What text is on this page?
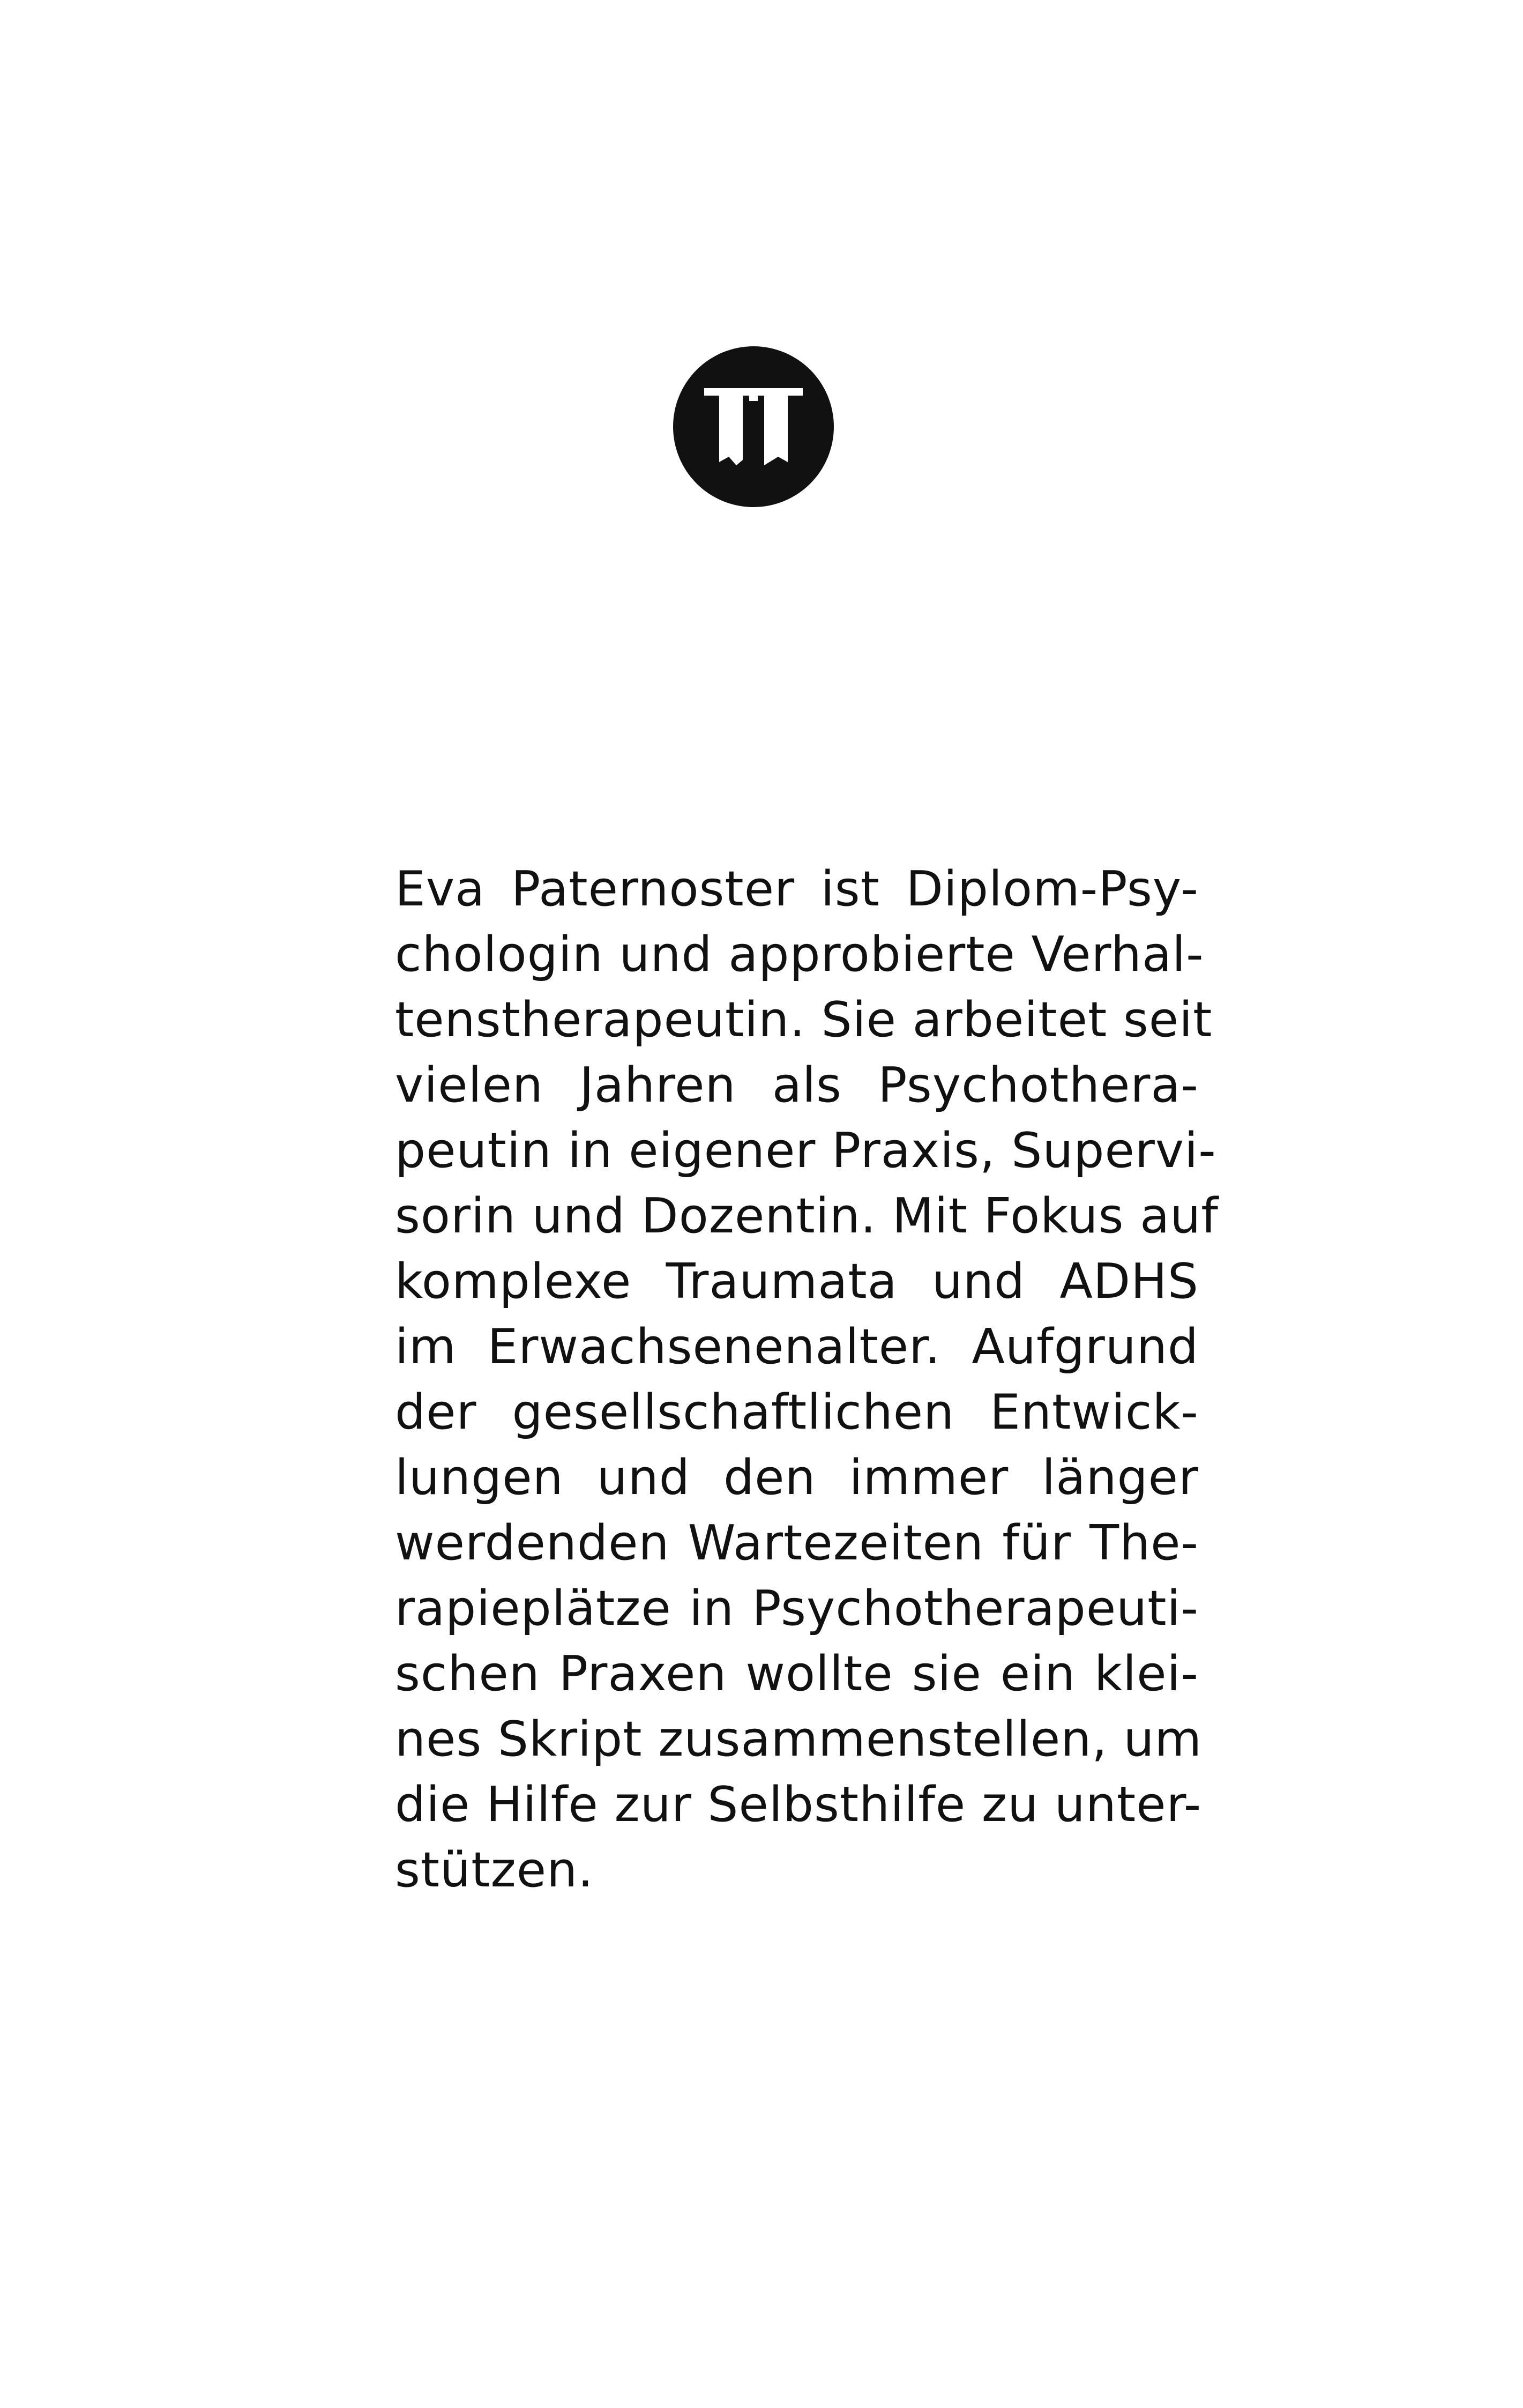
Eva Paternoster ist Diplom-Psy-
chologin und approbierte Verhal-
tenstherapeutin. Sie arbeitet seit
vielen Jahren als Psychothera-
peutin in eigener Praxis, Supervi-
sorin und Dozentin. Mit Fokus auf
komplexe Traumata und ADHS
im Erwachsenenalter. Aufgrund
der gesellschaftlichen Entwick-
lungen und den immer länger
werdenden Wartezeiten für The-
rapieplätze in Psychotherapeuti-
schen Praxen wollte sie ein klei-
nes Skript zusammenstellen, um
die Hilfe zur Selbsthilfe zu unter-
stützen.
